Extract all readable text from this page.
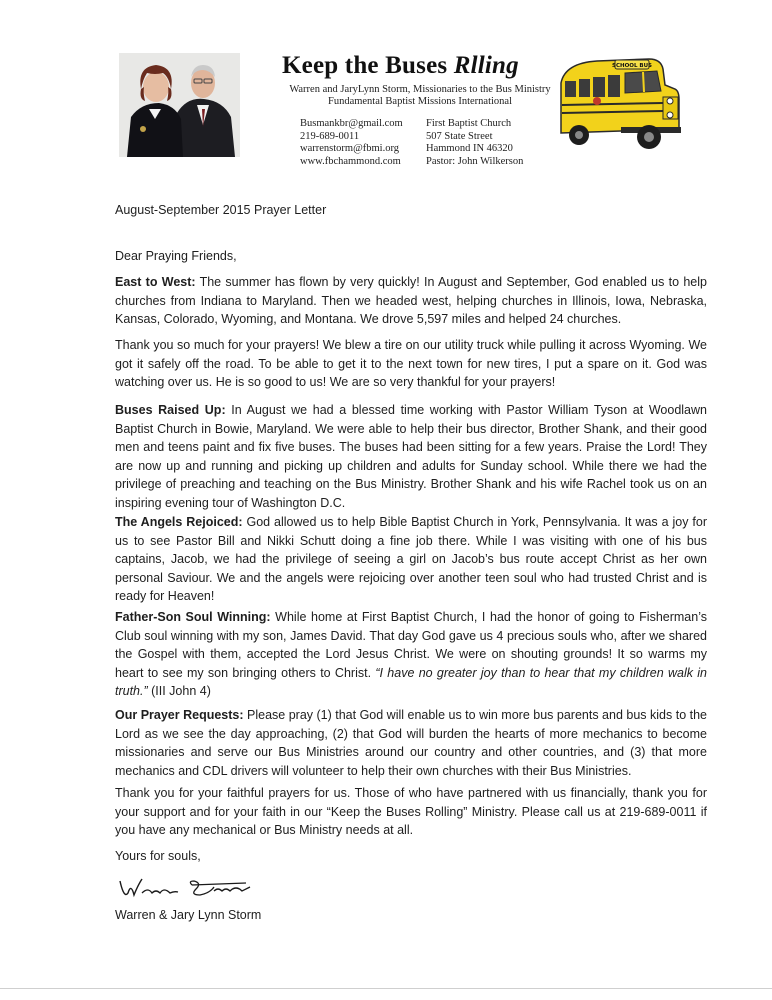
Keep the Buses Rlling
Warren and JaryLynn Storm, Missionaries to the Bus Ministry
Fundamental Baptist Missions International
Busmankbr@gmail.com
219-689-0011
warrenstorm@fbmi.org
www.fbchammond.com
First Baptist Church
507 State Street
Hammond IN 46320
Pastor: John Wilkerson
SCHOOL BUS
August-September 2015 Prayer Letter
Dear Praying Friends,
East to West: The summer has flown by very quickly! In August and September, God enabled us to help churches from Indiana to Maryland. Then we headed west, helping churches in Illinois, Iowa, Nebraska, Kansas, Colorado, Wyoming, and Montana. We drove 5,597 miles and helped 24 churches.
Thank you so much for your prayers! We blew a tire on our utility truck while pulling it across Wyoming. We got it safely off the road. To be able to get it to the next town for new tires, I put a spare on it. God was watching over us. He is so good to us! We are so very thankful for your prayers!
Buses Raised Up: In August we had a blessed time working with Pastor William Tyson at Woodlawn Baptist Church in Bowie, Maryland. We were able to help their bus director, Brother Shank, and their good men and teens paint and fix five buses. The buses had been sitting for a few years. Praise the Lord! They are now up and running and picking up children and adults for Sunday school. While there we had the privilege of preaching and teaching on the Bus Ministry. Brother Shank and his wife Rachel took us on an inspiring evening tour of Washington D.C.
The Angels Rejoiced: God allowed us to help Bible Baptist Church in York, Pennsylvania. It was a joy for us to see Pastor Bill and Nikki Schutt doing a fine job there. While I was visiting with one of his bus captains, Jacob, we had the privilege of seeing a girl on Jacob’s bus route accept Christ as her own personal Saviour. We and the angels were rejoicing over another teen soul who had trusted Christ and is ready for Heaven!
Father-Son Soul Winning: While home at First Baptist Church, I had the honor of going to Fisherman’s Club soul winning with my son, James David. That day God gave us 4 precious souls who, after we shared the Gospel with them, accepted the Lord Jesus Christ. We were on shouting grounds! It so warms my heart to see my son bringing others to Christ. “I have no greater joy than to hear that my children walk in truth.” (III John 4)
Our Prayer Requests: Please pray (1) that God will enable us to win more bus parents and bus kids to the Lord as we see the day approaching, (2) that God will burden the hearts of more mechanics to become missionaries and serve our Bus Ministries around our country and other countries, and (3) that more mechanics and CDL drivers will volunteer to help their own churches with their Bus Ministries.
Thank you for your faithful prayers for us. Those of who have partnered with us financially, thank you for your support and for your faith in our “Keep the Buses Rolling” Ministry. Please call us at 219-689-0011 if you have any mechanical or Bus Ministry needs at all.
Yours for souls,
Warren & Jary Lynn Storm
